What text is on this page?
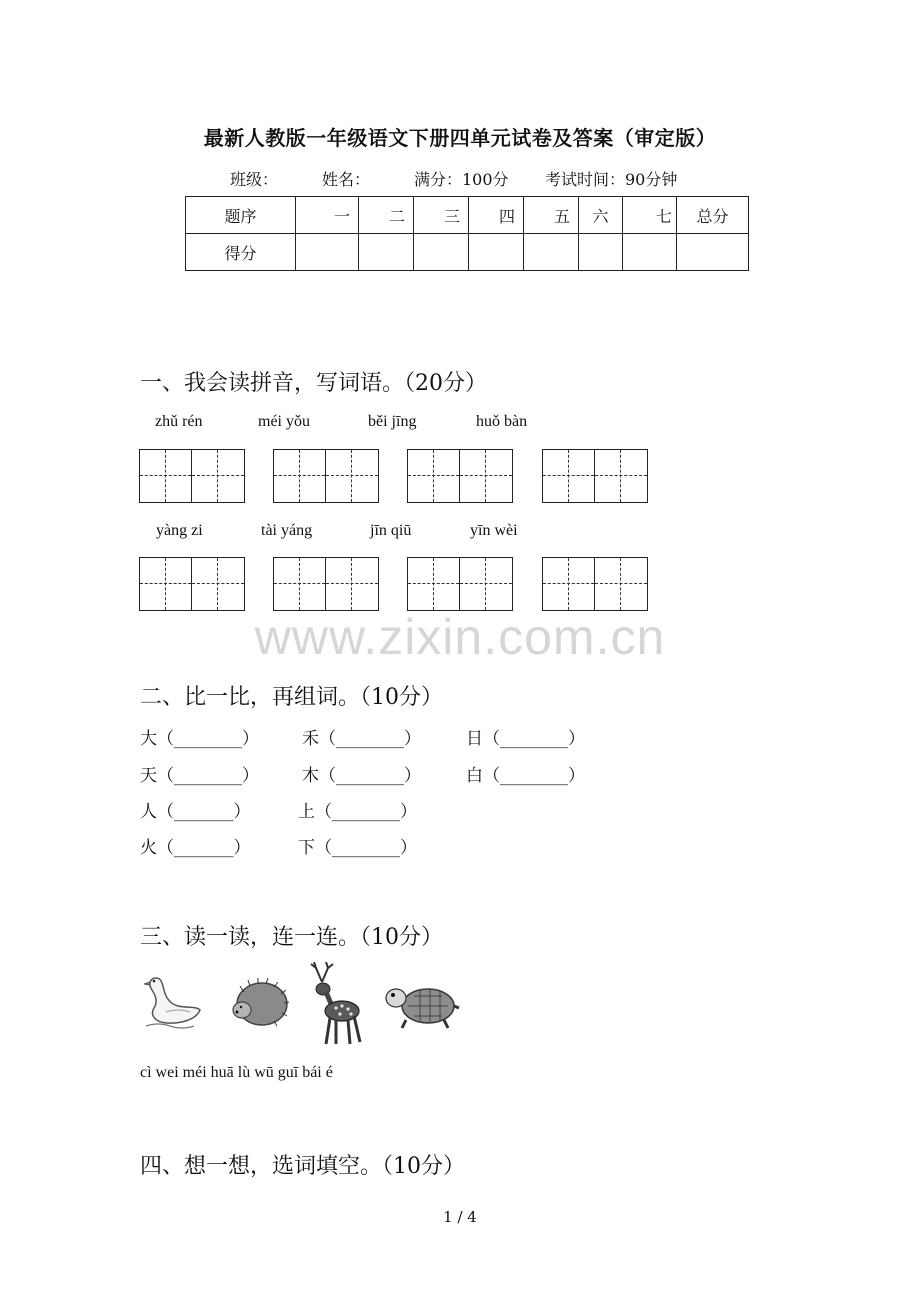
最新人教版一年级语文下册四单元试卷及答案（审定版）
班级：	姓名：	满分：100分 考试时间：90分钟
题序	一	二	三	四	五	六	七	总分
得分								
一、我会读拼音，写词语。（20分）
zhǔ rén	méi yǒu	běi jīng	huǒ bàn
yàng zi	tài yáng	jīn qiū	yīn wèi
www.zixin.com.cn
二、比一比，再组词。（10分）
大（________）	禾（________）	日（________）
天（________）	木（________）	白（________）
人（_______）	上（________）
火（_______）	下（________）
三、读一读，连一连。（10分）
cì wei méi huā lù wū guī bái é
四、想一想，选词填空。（10分）
1 / 4
